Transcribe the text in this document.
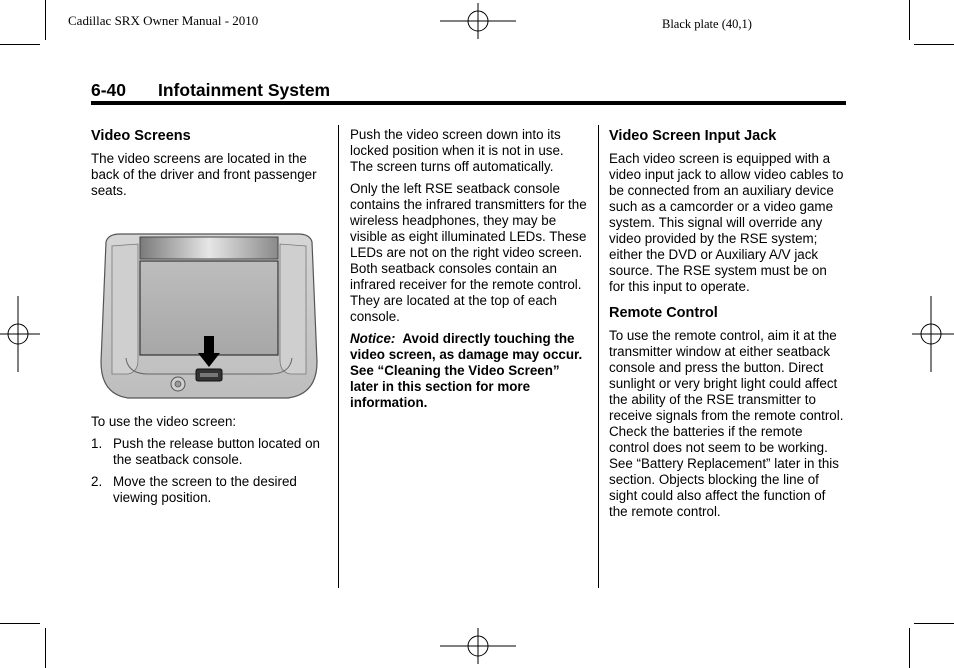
Cadillac SRX Owner Manual - 2010	Black plate (40,1)
6-40 Infotainment System
Video Screens

The video screens are located in the back of the driver and front passenger seats.

To use the video screen:

1. Push the release button located on the seatback console.
2. Move the screen to the desired viewing position.

Push the video screen down into its locked position when it is not in use. The screen turns off automatically.

Only the left RSE seatback console contains the infrared transmitters for the wireless headphones, they may be visible as eight illuminated LEDs. These LEDs are not on the right video screen. Both seatback consoles contain an infrared receiver for the remote control. They are located at the top of each console.

Notice: Avoid directly touching the video screen, as damage may occur. See “Cleaning the Video Screen” later in this section for more information.

Video Screen Input Jack

Each video screen is equipped with a video input jack to allow video cables to be connected from an auxiliary device such as a camcorder or a video game system. This signal will override any video provided by the RSE system; either the DVD or Auxiliary A/V jack source. The RSE system must be on for this input to operate.

Remote Control

To use the remote control, aim it at the transmitter window at either seatback console and press the button. Direct sunlight or very bright light could affect the ability of the RSE transmitter to receive signals from the remote control. Check the batteries if the remote control does not seem to be working. See “Battery Replacement” later in this section. Objects blocking the line of sight could also affect the function of the remote control.
